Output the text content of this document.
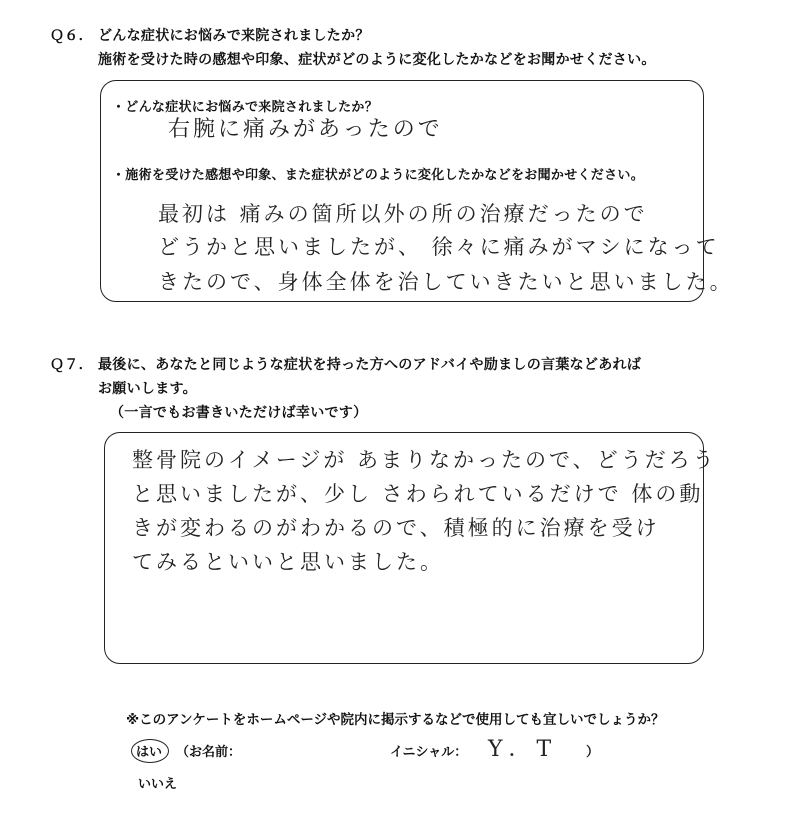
Ｑ６． どんな症状にお悩みで来院されましたか？
施術を受けた時の感想や印象、症状がどのように変化したかなどをお聞かせください。
・どんな症状にお悩みで来院されましたか？
右腕に痛みがあったので
・施術を受けた感想や印象、また症状がどのように変化したかなどをお聞かせください。
最初は 痛みの箇所以外の所の治療だったので
どうかと思いましたが、 徐々に痛みがマシになって
きたので、身体全体を治していきたいと思いました。
Ｑ７． 最後に、あなたと同じような症状を持った方へのアドバイや励ましの言葉などあれば
お願いします。
（一言でもお書きいただけば幸いです）
整骨院のイメージが あまりなかったので、どうだろう
と思いましたが、少し さわられているだけで 体の動
きが変わるのがわかるので、積極的に治療を受け
てみるといいと思いました。
※このアンケートをホームページや院内に掲示するなどで使用しても宜しいでしょうか？
はい （お名前：	イニシャル： Y．T ）
いいえ
